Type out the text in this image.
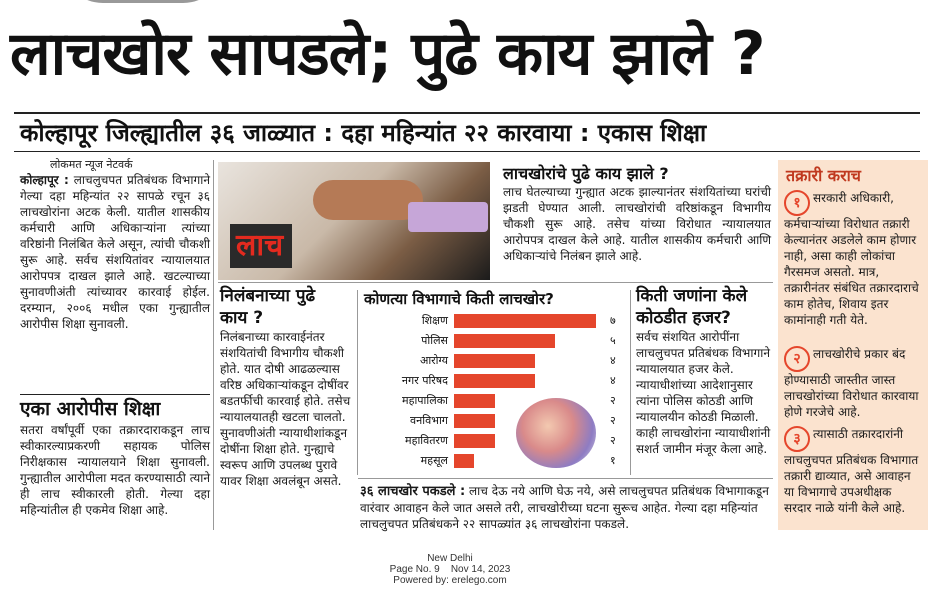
लाचखोर सापडले; पुढे काय झाले ?
कोल्हापूर जिल्ह्यातील ३६ जाळ्यात : दहा महिन्यांत २२ कारवाया : एकास शिक्षा
लोकमत न्यूज नेटवर्क
कोल्हापूर : लाचलुचपत प्रतिबंधक विभागाने गेल्या दहा महिन्यांत २२ सापळे रचून ३६ लाचखोरांना अटक केली. यातील शासकीय कर्मचारी आणि अधिकाऱ्यांना त्यांच्या वरिष्ठांनी निलंबित केले असून, त्यांची चौकशी सुरू आहे. सर्वच संशयितांवर न्यायालयात आरोपपत्र दाखल झाले आहे. खटल्याच्या सुनावणीअंती त्यांच्यावर कारवाई होईल. दरम्यान, २००६ मधील एका गुन्ह्यातील आरोपीस शिक्षा सुनावली.
एका आरोपीस शिक्षा
सतरा वर्षांपूर्वी एका तक्रारदाराकडून लाच स्वीकारल्याप्रकरणी सहायक पोलिस निरीक्षकास न्यायालयाने शिक्षा सुनावली. गुन्ह्यातील आरोपीला मदत करण्यासाठी त्याने ही लाच स्वीकारली होती. गेल्या दहा महिन्यांतील ही एकमेव शिक्षा आहे.
लाच
लाचखोरांचे पुढे काय झाले ?
लाच घेतल्याच्या गुन्ह्यात अटक झाल्यानंतर संशयितांच्या घरांची झडती घेण्यात आली. लाचखोरांची वरिष्ठांकडून विभागीय चौकशी सुरू आहे. तसेच यांच्या विरोधात न्यायालयात आरोपपत्र दाखल केले आहे. यातील शासकीय कर्मचारी आणि अधिकाऱ्यांचे निलंबन झाले आहे.
निलंबनाच्या पुढे काय ?
निलंबनाच्या कारवाईनंतर संशयितांची विभागीय चौकशी होते. यात दोषी आढळल्यास वरिष्ठ अधिकाऱ्यांकडून दोषींवर बडतर्फीची कारवाई होते. तसेच न्यायालयातही खटला चालतो. सुनावणीअंती न्यायाधीशांकडून दोषींना शिक्षा होते. गुन्ह्याचे स्वरूप आणि उपलब्ध पुरावे यावर शिक्षा अवलंबून असते.
कोणत्या विभागाचे किती लाचखोर?
शिक्षण	७
पोलिस	५
आरोग्य	४
नगर परिषद	४
महापालिका	२
वनविभाग	२
महावितरण	२
महसूल	१
किती जणांना केले कोठडीत हजर?
सर्वच संशयित आरोपींना लाचलुचपत प्रतिबंधक विभागाने न्यायालयात हजर केले. न्यायाधीशांच्या आदेशानुसार त्यांना पोलिस कोठडी आणि न्यायालयीन कोठडी मिळाली. काही लाचखोरांना न्यायाधीशांनी सशर्त जामीन मंजूर केला आहे.
३६ लाचखोर पकडले : लाच देऊ नये आणि घेऊ नये, असे लाचलुचपत प्रतिबंधक विभागाकडून वारंवार आवाहन केले जात असले तरी, लाचखोरीच्या घटना सुरूच आहेत. गेल्या दहा महिन्यांत लाचलुचपत प्रतिबंधकने २२ सापळ्यांत ३६ लाचखोरांना पकडले.
तक्रारी कराच
१ सरकारी अधिकारी, कर्मचाऱ्यांच्या विरोधात तक्रारी केल्यानंतर अडलेले काम होणार नाही, असा काही लोकांचा गैरसमज असतो. मात्र, तक्रारीनंतर संबंधित तक्रारदाराचे काम होतेच, शिवाय इतर कामांनाही गती येते.
२ लाचखोरीचे प्रकार बंद होण्यासाठी जास्तीत जास्त लाचखोरांच्या विरोधात कारवाया होणे गरजेचे आहे.
३ त्यासाठी तक्रारदारांनी लाचलुचपत प्रतिबंधक विभागात तक्रारी द्याव्यात, असे आवाहन या विभागाचे उपअधीक्षक सरदार नाळे यांनी केले आहे.
New Delhi
Page No. 9    Nov 14, 2023
Powered by: erelego.com
